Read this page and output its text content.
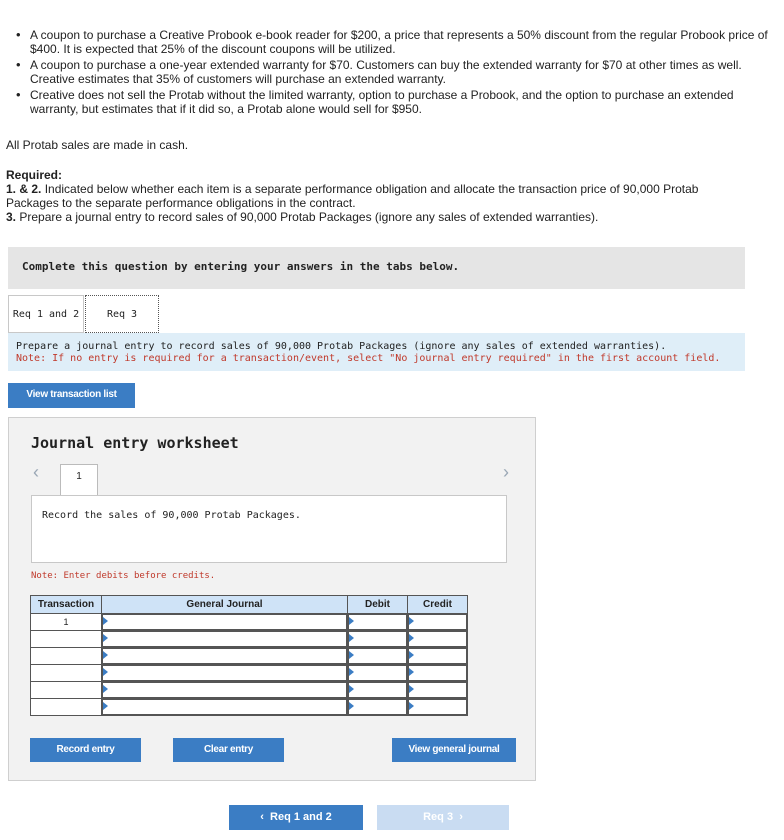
• A coupon to purchase a Creative Probook e-book reader for $200, a price that represents a 50% discount from the regular Probook price of $400. It is expected that 25% of the discount coupons will be utilized.
• A coupon to purchase a one-year extended warranty for $70. Customers can buy the extended warranty for $70 at other times as well. Creative estimates that 35% of customers will purchase an extended warranty.
• Creative does not sell the Protab without the limited warranty, option to purchase a Probook, and the option to purchase an extended warranty, but estimates that if it did so, a Protab alone would sell for $950.
All Protab sales are made in cash.
Required:
1. & 2. Indicated below whether each item is a separate performance obligation and allocate the transaction price of 90,000 Protab Packages to the separate performance obligations in the contract.
3. Prepare a journal entry to record sales of 90,000 Protab Packages (ignore any sales of extended warranties).
Complete this question by entering your answers in the tabs below.
Req 1 and 2	Req 3
Prepare a journal entry to record sales of 90,000 Protab Packages (ignore any sales of extended warranties).
Note: If no entry is required for a transaction/event, select "No journal entry required" in the first account field.
View transaction list
Journal entry worksheet
‹	›
1
Record the sales of 90,000 Protab Packages.
Note: Enter debits before credits.
Transaction	General Journal	Debit	Credit
1	

Record entry	Clear entry	View general journal
‹ Req 1 and 2	Req 3 ›
